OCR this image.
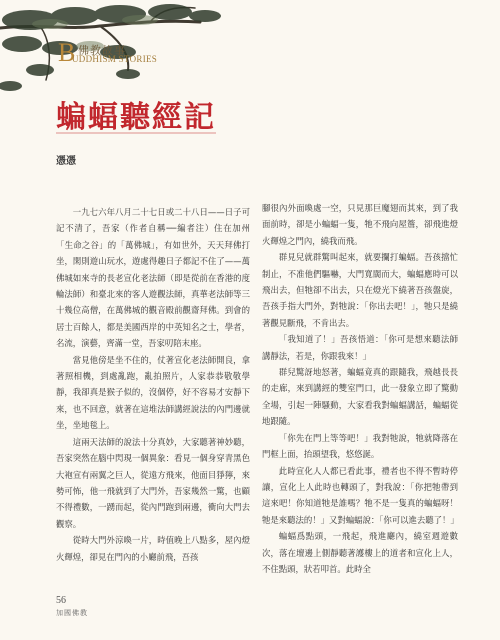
B 佛教故事
UDDHISM STORIES
蝙蝠聽經記
憑憑

一九七六年八月二十七日或二十八日——日子可記不清了，吾家（作者自稱──編者注）住在加州「生命之谷」的「萬佛城」，有如世外，天天拜佛打坐，閑則遊山玩水，遊處得趣日子都記不住了——萬佛城如來寺的長老宣化老法師（即是從前在香港的度輪法師）和臺北來的客人遊觀法師，真華老法師等三十幾位高僧，在萬佛城的觀音殿前觀齋拜佛。到會的居士百餘人，都是美國西岸的中英知名之士，學者，名流，演藝，齊滿一堂，吾家叨陪末座。

當見他傍是坐不住的，仗著宣化老法師開良，拿著照相機，到處亂跑，亂拍照片，人家恭恭敬敬學靜，我卻真是猴子似的，沒個停，好不容易才安靜下來，也不回意，就著在這堆法師講經說法的內門邊就坐，坐地毯上。

這兩天法師的說法十分真妙，大家聽著神妙聽，吾家突然在腦中閃現一個異象：看見一個身穿青黑色大袍宣有兩翼之巨人，從遠方飛來，他面目猙獰，來勢可怖，他一飛就到了大門外，吾家幾然一驚，也顧不得禮數，一踴而起，從內門跑到兩邊，衝向大門去觀察。

從時大門外涼喚一片，時值晚上八點多，屋內燈火輝煌，卻見在門內的小廳前飛，吾孩

腳很內外面喚處一空，只見那巨魔翅而其來，到了我面前時，卻是小蝙蝠一隻，牠不飛向屋簷，卻飛進燈火輝煌之門內，繞我而飛。

群見兒就群驚叫起來，就要攔打蝙蝠。吾孩擋忙制止，不准他們驅嚇，大門寬闊而大，蝙蝠應時可以飛出去，但牠卻不出去，只在燈光下繞著吾孩盤旋，吾孩手指大門外，對牠說：「你出去吧！」，牠只是繞著觀見斷飛，不肯出去。

「我知道了！」吾孩悟道：「你可是想來聽法師講靜法，若是，你跟我來！」

群兒驚訝地怒著，蝙蝠竟真的跟隨我，飛越長長的走廊，來到講經的雙室門口，此一發象立即了驚動全場，引起一陣騷動，大家看我對蝙蝠講話，蝙蝠從地跟隨。

「你先在門上等等吧！」我對牠說，牠就降落在門框上面，抬頭望我，悠悠誕。

此時宣化人人都已看此事，禮者也不得不暫時停讓，宣化上人此時也轉頭了，對我說：「你把牠帶到這來吧！你知道牠是誰嗎？牠不是一隻真的蝙蝠呀！牠是來聽法的！」又對蝙蝠說：「你可以進去聽了！」

蝙蝠爲點頭，一飛起，飛進廳內，繞室週遊數次，落在壇邊上側靜聽著護樓上的道者和宣化上人，不住點頭，狀若叩首。此時全

56
加國佛教
